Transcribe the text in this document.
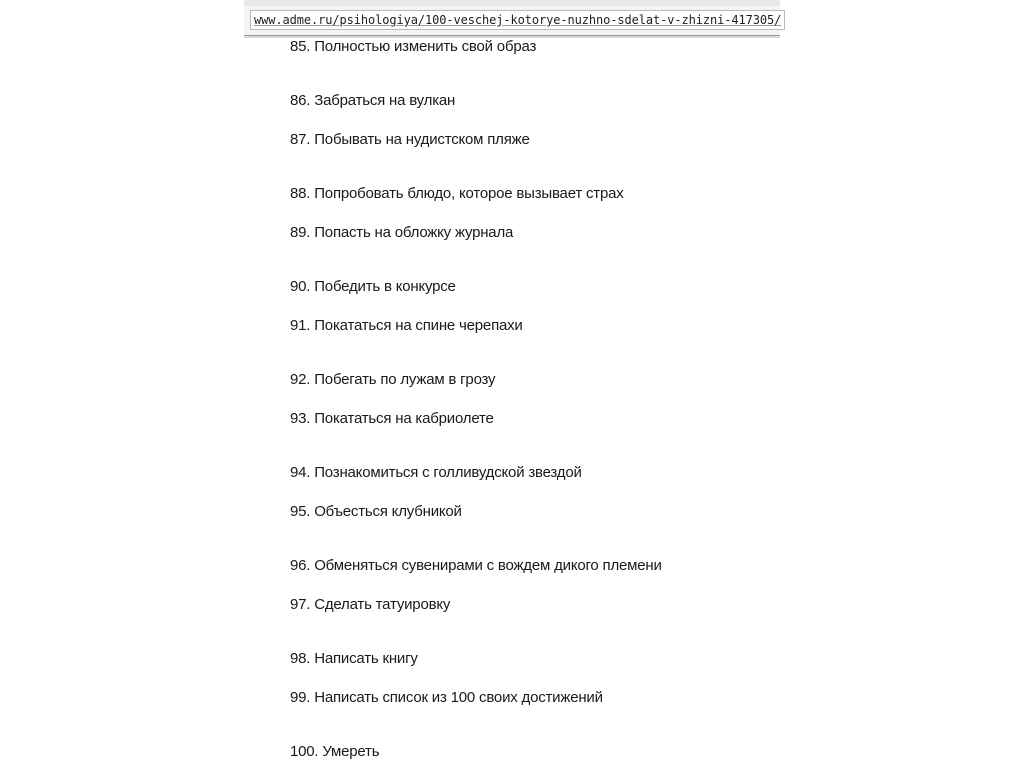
www.adme.ru/psihologiya/100-veschej-kotorye-nuzhno-sdelat-v-zhizni-417305/

85. Полностью изменить свой образ

86. Забраться на вулкан

87. Побывать на нудистском пляже

88. Попробовать блюдо, которое вызывает страх

89. Попасть на обложку журнала

90. Победить в конкурсе

91. Покататься на спине черепахи

92. Побегать по лужам в грозу

93. Покататься на кабриолете

94. Познакомиться с голливудской звездой

95. Объесться клубникой

96. Обменяться сувенирами с вождем дикого племени

97. Сделать татуировку

98. Написать книгу

99. Написать список из 100 своих достижений

100. Умереть
